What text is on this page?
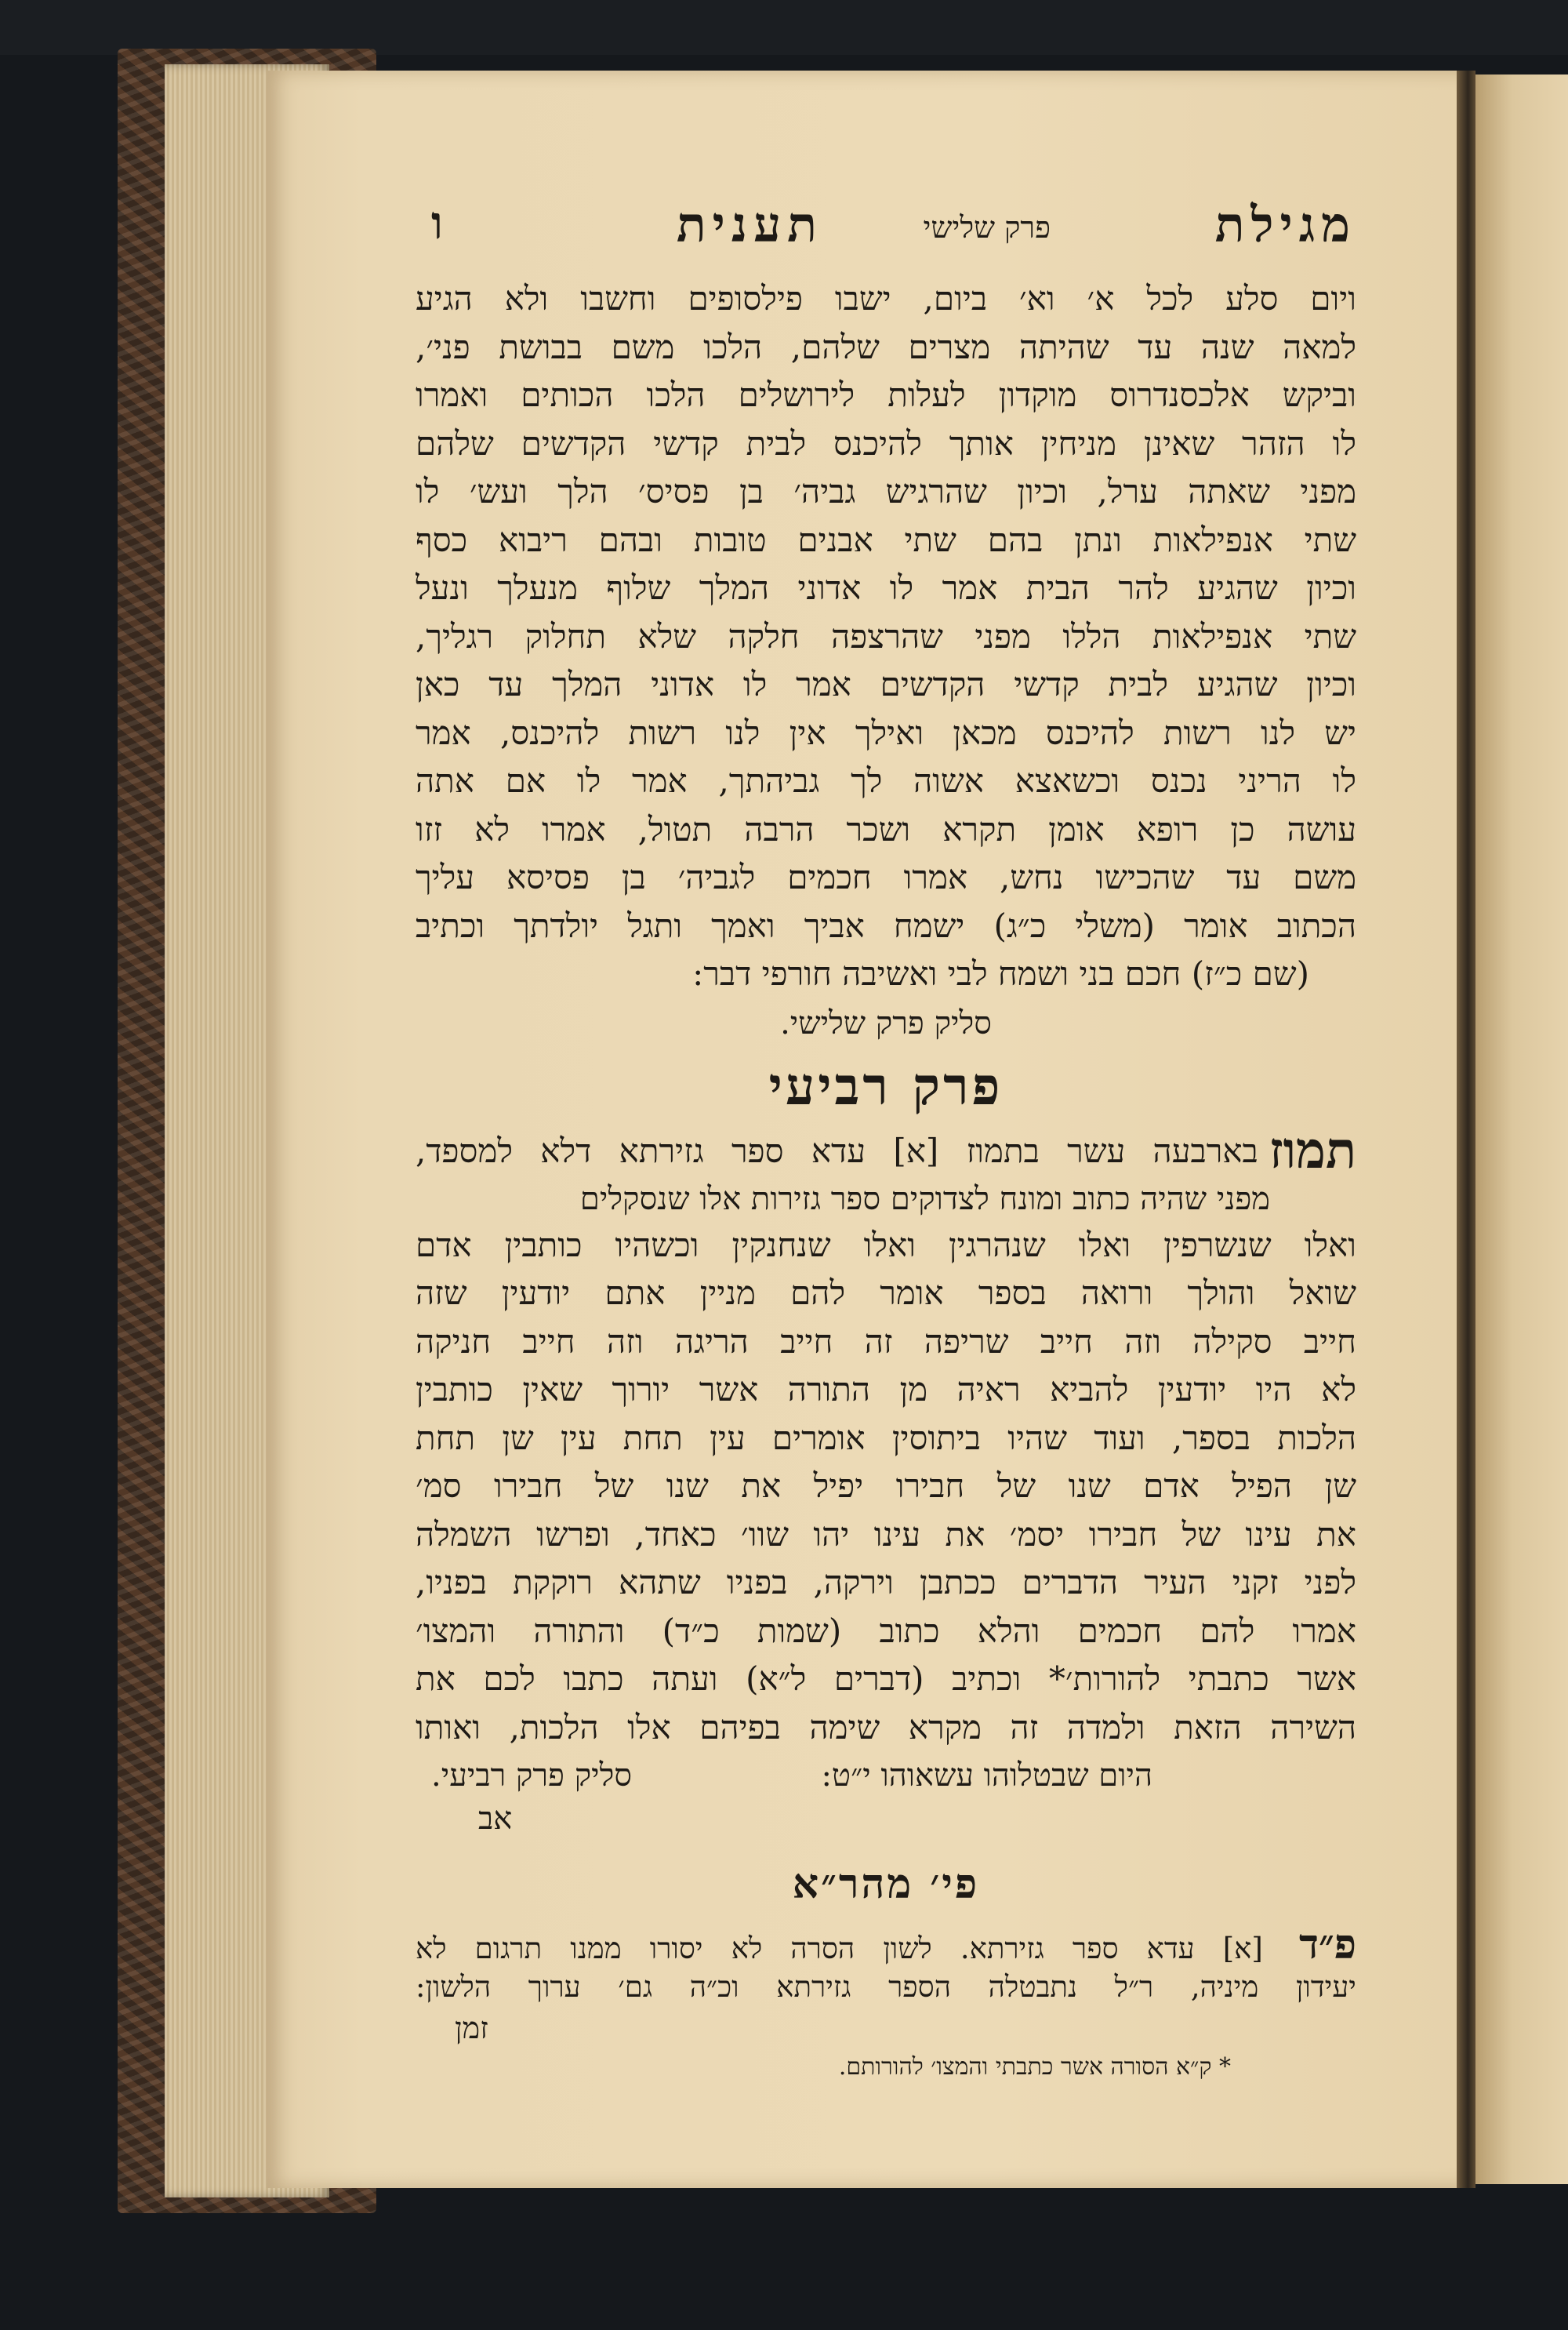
מגילת
פרק שלישי
תענית
ו
ויום סלע לכל א׳ וא׳ ביום, ישבו פילסופים וחשבו ולא הגיע
למאה שנה עד שהיתה מצרים שלהם, הלכו משם בבושת פני׳,
וביקש אלכסנדרוס מוקדון לעלות לירושלים הלכו הכותים ואמרו
לו הזהר שאינן מניחין אותך להיכנס לבית קדשי הקדשים שלהם
מפני שאתה ערל, וכיון שהרגיש גביה׳ בן פסיס׳ הלך ועש׳ לו
שתי אנפילאות ונתן בהם שתי אבנים טובות ובהם ריבוא כסף
וכיון שהגיע להר הבית אמר לו אדוני המלך שלוף מנעלך ונעל
שתי אנפילאות הללו מפני שהרצפה חלקה שלא תחלוק רגליך,
וכיון שהגיע לבית קדשי הקדשים אמר לו אדוני המלך עד כאן
יש לנו רשות להיכנס מכאן ואילך אין לנו רשות להיכנס, אמר
לו הריני נכנס וכשאצא אשוה לך גביהתך, אמר לו אם אתה
עושה כן רופא אומן תקרא ושכר הרבה תטול, אמרו לא זזו
משם עד שהכישו נחש, אמרו חכמים לגביה׳ בן פסיסא עליך
הכתוב אומר (משלי כ״ג) ישמח אביך ואמך ותגל יולדתך וכתיב
(שם כ״ז) חכם בני ושמח לבי ואשיבה חורפי דבר:
סליק פרק שלישי.
פרק רביעי
תמוז
בארבעה עשר בתמוז [א] עדא ספר גזירתא דלא למספד,
מפני שהיה כתוב ומונח לצדוקים ספר גזירות אלו שנסקלים
ואלו שנשרפין ואלו שנהרגין ואלו שנחנקין וכשהיו כותבין אדם
שואל והולך ורואה בספר אומר להם מניין אתם יודעין שזה
חייב סקילה וזה חייב שריפה זה חייב הריגה וזה חייב חניקה
לא היו יודעין להביא ראיה מן התורה אשר יורוך שאין כותבין
הלכות בספר, ועוד שהיו ביתוסין אומרים עין תחת עין שן תחת
שן הפיל אדם שנו של חבירו יפיל את שנו של חבירו סמ׳
את עינו של חבירו יסמ׳ את עינו יהו שוו׳ כאחד, ופרשו השמלה
לפני זקני העיר הדברים ככתבן וירקה, בפניו שתהא רוקקת בפניו,
אמרו להם חכמים והלא כתוב (שמות כ״ד) והתורה והמצו׳
אשר כתבתי להורות׳* וכתיב (דברים ל״א) ועתה כתבו לכם את
השירה הזאת ולמדה זה מקרא שימה בפיהם אלו הלכות, ואותו
היום שבטלוהו עשאוהו י״ט:
סליק פרק רביעי.
אב
פי׳ מהר״א
פ״ד [א] עדא ספר גזירתא. לשון הסרה לא יסורו ממנו תרגום לא
יעידון מיניה, ר״ל נתבטלה הספר גזירתא וכ״ה גם׳ ערוך הלשון:
זמן
* ק״א הסורה אשר כתבתי והמצו׳ להורותם.
